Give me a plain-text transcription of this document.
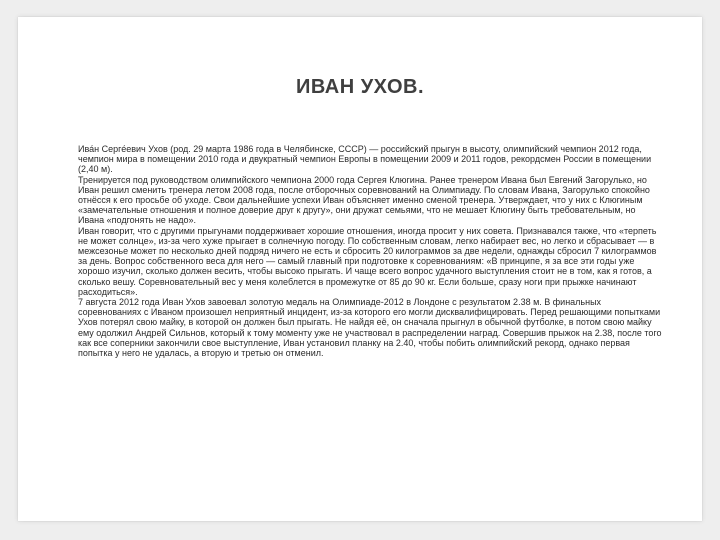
ИВАН УХОВ.

Ива́н Серге́евич Ухов (род. 29 марта 1986 года в Челябинске, СССР) — российский прыгун в высоту, олимпийский чемпион 2012 года, чемпион мира в помещении 2010 года и двукратный чемпион Европы в помещении 2009 и 2011 годов, рекордсмен России в помещении (2,40 м).

Тренируется под руководством олимпийского чемпиона 2000 года Сергея Клюгина. Ранее тренером Ивана был Евгений Загорулько, но Иван решил сменить тренера летом 2008 года, после отборочных соревнований на Олимпиаду. По словам Ивана, Загорулько спокойно отнёсся к его просьбе об уходе. Свои дальнейшие успехи Иван объясняет именно сменой тренера. Утверждает, что у них с Клюгиным «замечательные отношения и полное доверие друг к другу», они дружат семьями, что не мешает Клюгину быть требовательным, но Ивана «подгонять не надо».

Иван говорит, что с другими прыгунами поддерживает хорошие отношения, иногда просит у них совета. Признавался также, что «терпеть не может солнце», из-за чего хуже прыгает в солнечную погоду. По собственным словам, легко набирает вес, но легко и сбрасывает — в межсезонье может по несколько дней подряд ничего не есть и сбросить 20 килограммов за две недели, однажды сбросил 7 килограммов за день. Вопрос собственного веса для него — самый главный при подготовке к соревнованиям: «В принципе, я за все эти годы уже хорошо изучил, сколько должен весить, чтобы высоко прыгать. И чаще всего вопрос удачного выступления стоит не в том, как я готов, а сколько вешу. Соревновательный вес у меня колеблется в промежутке от 85 до 90 кг. Если больше, сразу ноги при прыжке начинают расходиться».

7 августа 2012 года Иван Ухов завоевал золотую медаль на Олимпиаде-2012 в Лондоне с результатом 2.38 м. В финальных соревнованиях с Иваном произошел неприятный инцидент, из-за которого его могли дисквалифицировать. Перед решающими попытками Ухов потерял свою майку, в которой он должен был прыгать. Не найдя её, он сначала прыгнул в обычной футболке, в потом свою майку ему одолжил Андрей Сильнов, который к тому моменту уже не участвовал в распределении наград. Совершив прыжок на 2.38, после того как все соперники закончили свое выступление, Иван установил планку на 2.40, чтобы побить олимпийский рекорд, однако первая попытка у него не удалась, а вторую и третью он отменил.
